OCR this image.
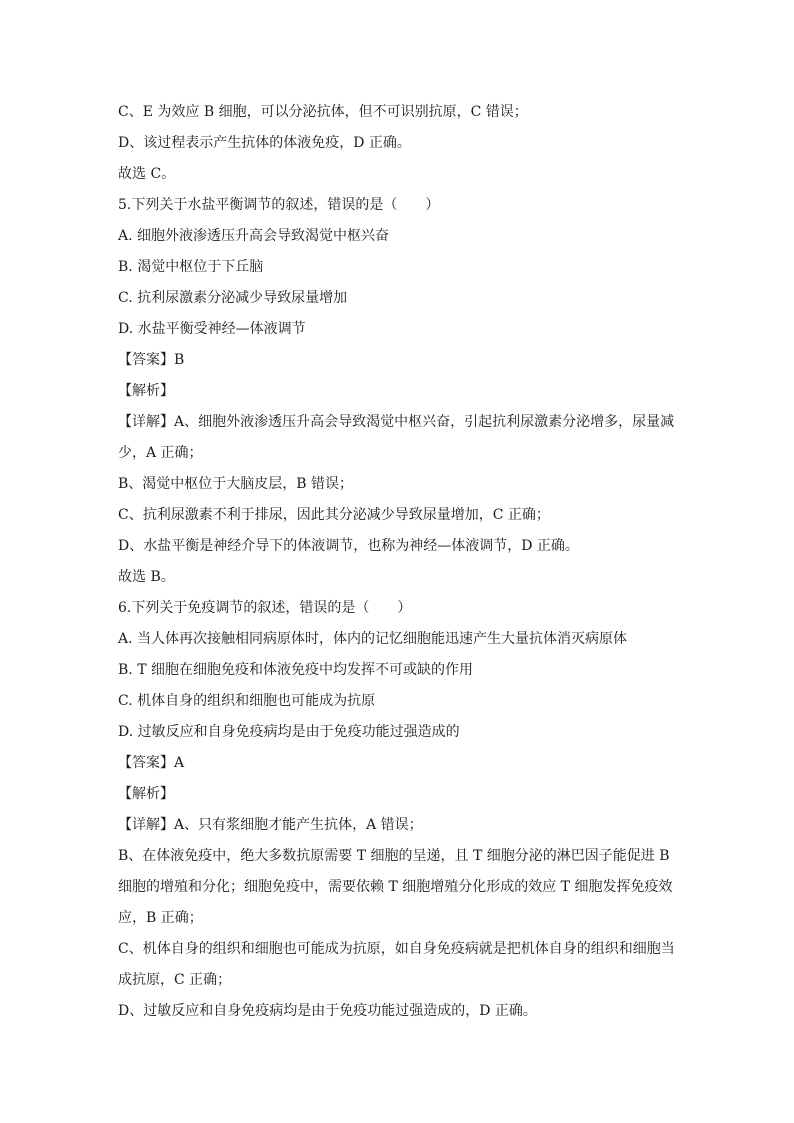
C、E 为效应 B 细胞，可以分泌抗体，但不可识别抗原，C 错误；
D、该过程表示产生抗体的体液免疫，D 正确。
故选 C。
5.下列关于水盐平衡调节的叙述，错误的是（　　）
A. 细胞外液渗透压升高会导致渴觉中枢兴奋
B. 渴觉中枢位于下丘脑
C. 抗利尿激素分泌减少导致尿量增加
D. 水盐平衡受神经—体液调节
【答案】B
【解析】
【详解】A、细胞外液渗透压升高会导致渴觉中枢兴奋，引起抗利尿激素分泌增多，尿量减
少，A 正确；
B、渴觉中枢位于大脑皮层，B 错误；
C、抗利尿激素不利于排尿，因此其分泌减少导致尿量增加，C 正确；
D、水盐平衡是神经介导下的体液调节，也称为神经—体液调节，D 正确。
故选 B。
6.下列关于免疫调节的叙述，错误的是（　　）
A. 当人体再次接触相同病原体时，体内的记忆细胞能迅速产生大量抗体消灭病原体
B. T 细胞在细胞免疫和体液免疫中均发挥不可或缺的作用
C. 机体自身的组织和细胞也可能成为抗原
D. 过敏反应和自身免疫病均是由于免疫功能过强造成的
【答案】A
【解析】
【详解】A、只有浆细胞才能产生抗体，A 错误；
B、在体液免疫中，绝大多数抗原需要 T 细胞的呈递，且 T 细胞分泌的淋巴因子能促进 B
细胞的增殖和分化；细胞免疫中，需要依赖 T 细胞增殖分化形成的效应 T 细胞发挥免疫效
应，B 正确；
C、机体自身的组织和细胞也可能成为抗原，如自身免疫病就是把机体自身的组织和细胞当
成抗原，C 正确；
D、过敏反应和自身免疫病均是由于免疫功能过强造成的，D 正确。
